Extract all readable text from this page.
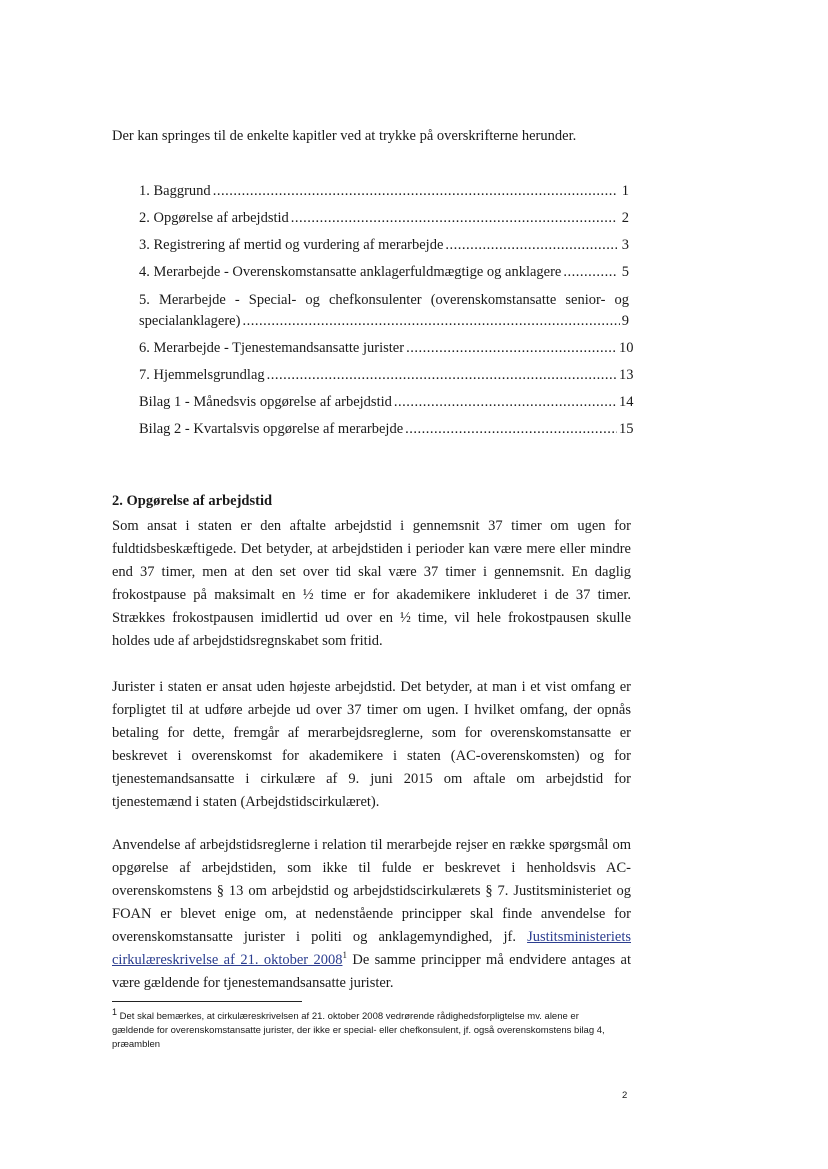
Der kan springes til de enkelte kapitler ved at trykke på overskrifterne herunder.

1. Baggrund .....	1
2. Opgørelse af arbejdstid .....	2
3. Registrering af mertid og vurdering af merarbejde .....	3
4. Merarbejde - Overenskomstansatte anklagerfuldmægtige og anklagere .....	5
5. Merarbejde - Special- og chefkonsulenter (overenskomstansatte senior- og
specialanklagere) .....	9
6. Merarbejde - Tjenestemandsansatte jurister .....	10
7. Hjemmelsgrundlag .....	13
Bilag 1 - Månedsvis opgørelse af arbejdstid .....	14
Bilag 2 - Kvartalsvis opgørelse af merarbejde .....	15
2. Opgørelse af arbejdstid

Som ansat i staten er den aftalte arbejdstid i gennemsnit 37 timer om ugen for fuldtidsbeskæftigede. Det betyder, at arbejdstiden i perioder kan være mere eller mindre end 37 timer, men at den set over tid skal være 37 timer i gennemsnit. En daglig frokostpause på maksimalt en ½ time er for akademikere inkluderet i de 37 timer. Strækkes frokostpausen imidlertid ud over en ½ time, vil hele frokostpausen skulle holdes ude af arbejdstidsregnskabet som fritid.

Jurister i staten er ansat uden højeste arbejdstid. Det betyder, at man i et vist omfang er forpligtet til at udføre arbejde ud over 37 timer om ugen. I hvilket omfang, der opnås betaling for dette, fremgår af merarbejdsreglerne, som for overenskomstansatte er beskrevet i overenskomst for akademikere i staten (AC-overenskomsten) og for tjenestemandsansatte i cirkulære af 9. juni 2015 om aftale om arbejdstid for tjenestemænd i staten (Arbejdstidscirkulæret).

Anvendelse af arbejdstidsreglerne i relation til merarbejde rejser en række spørgsmål om opgørelse af arbejdstiden, som ikke til fulde er beskrevet i henholdsvis AC-overenskomstens § 13 om arbejdstid og arbejdstidscirkulærets § 7. Justitsministeriet og FOAN er blevet enige om, at nedenstående principper skal finde anvendelse for overenskomstansatte jurister i politi og anklagemyndighed, jf. Justitsministeriets cirkulæreskrivelse af 21. oktober 2008$^1$ De samme principper må endvidere antages at være gældende for tjenestemandsansatte jurister.

1 Det skal bemærkes, at cirkulæreskrivelsen af 21. oktober 2008 vedrørende rådighedsforpligtelse mv. alene er gældende for overenskomstansatte jurister, der ikke er special- eller chefkonsulent, jf. også overenskomstens bilag 4, præamblen

2
